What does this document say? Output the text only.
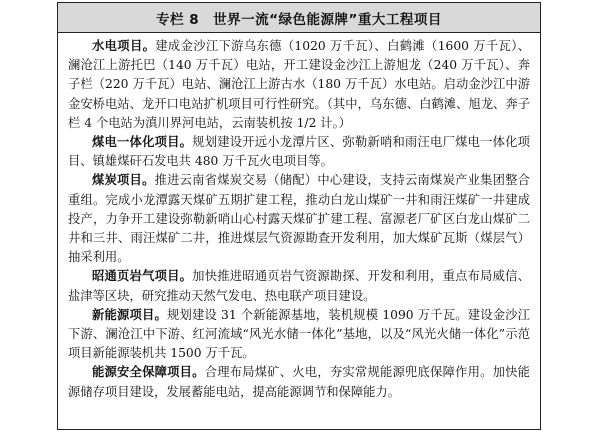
专栏 8 世界一流“绿色能源牌”重大工程项目

水电项目。建成金沙江下游乌东德（1020 万千瓦）、白鹤滩（1600 万千瓦）、澜沧江上游托巴（140 万千瓦）电站，开工建设金沙江上游旭龙（240 万千瓦）、奔子栏（220 万千瓦）电站、澜沧江上游古水（180 万千瓦）水电站。启动金沙江中游金安桥电站、龙开口电站扩机项目可行性研究。（其中，乌东德、白鹤滩、旭龙、奔子栏 4 个电站为滇川界河电站，云南装机按 1/2 计。）

煤电一体化项目。规划建设开远小龙潭片区、弥勒新哨和雨汪电厂煤电一体化项目、镇雄煤矸石发电共 480 万千瓦火电项目等。

煤炭项目。推进云南省煤炭交易（储配）中心建设，支持云南煤炭产业集团整合重组。完成小龙潭露天煤矿五期扩建工程，推动白龙山煤矿一井和雨汪煤矿一井建成投产，力争开工建设弥勒新哨山心村露天煤矿扩建工程、富源老厂矿区白龙山煤矿二井和三井、雨汪煤矿二井，推进煤层气资源勘查开发利用，加大煤矿瓦斯（煤层气）抽采利用。

昭通页岩气项目。加快推进昭通页岩气资源勘探、开发和利用，重点布局威信、盐津等区块，研究推动天然气发电、热电联产项目建设。

新能源项目。规划建设 31 个新能源基地，装机规模 1090 万千瓦。建设金沙江下游、澜沧江中下游、红河流域“风光水储一体化”基地，以及“风光火储一体化”示范项目新能源装机共 1500 万千瓦。

能源安全保障项目。合理布局煤矿、火电，夯实常规能源兜底保障作用。加快能源储存项目建设，发展蓄能电站，提高能源调节和保障能力。
